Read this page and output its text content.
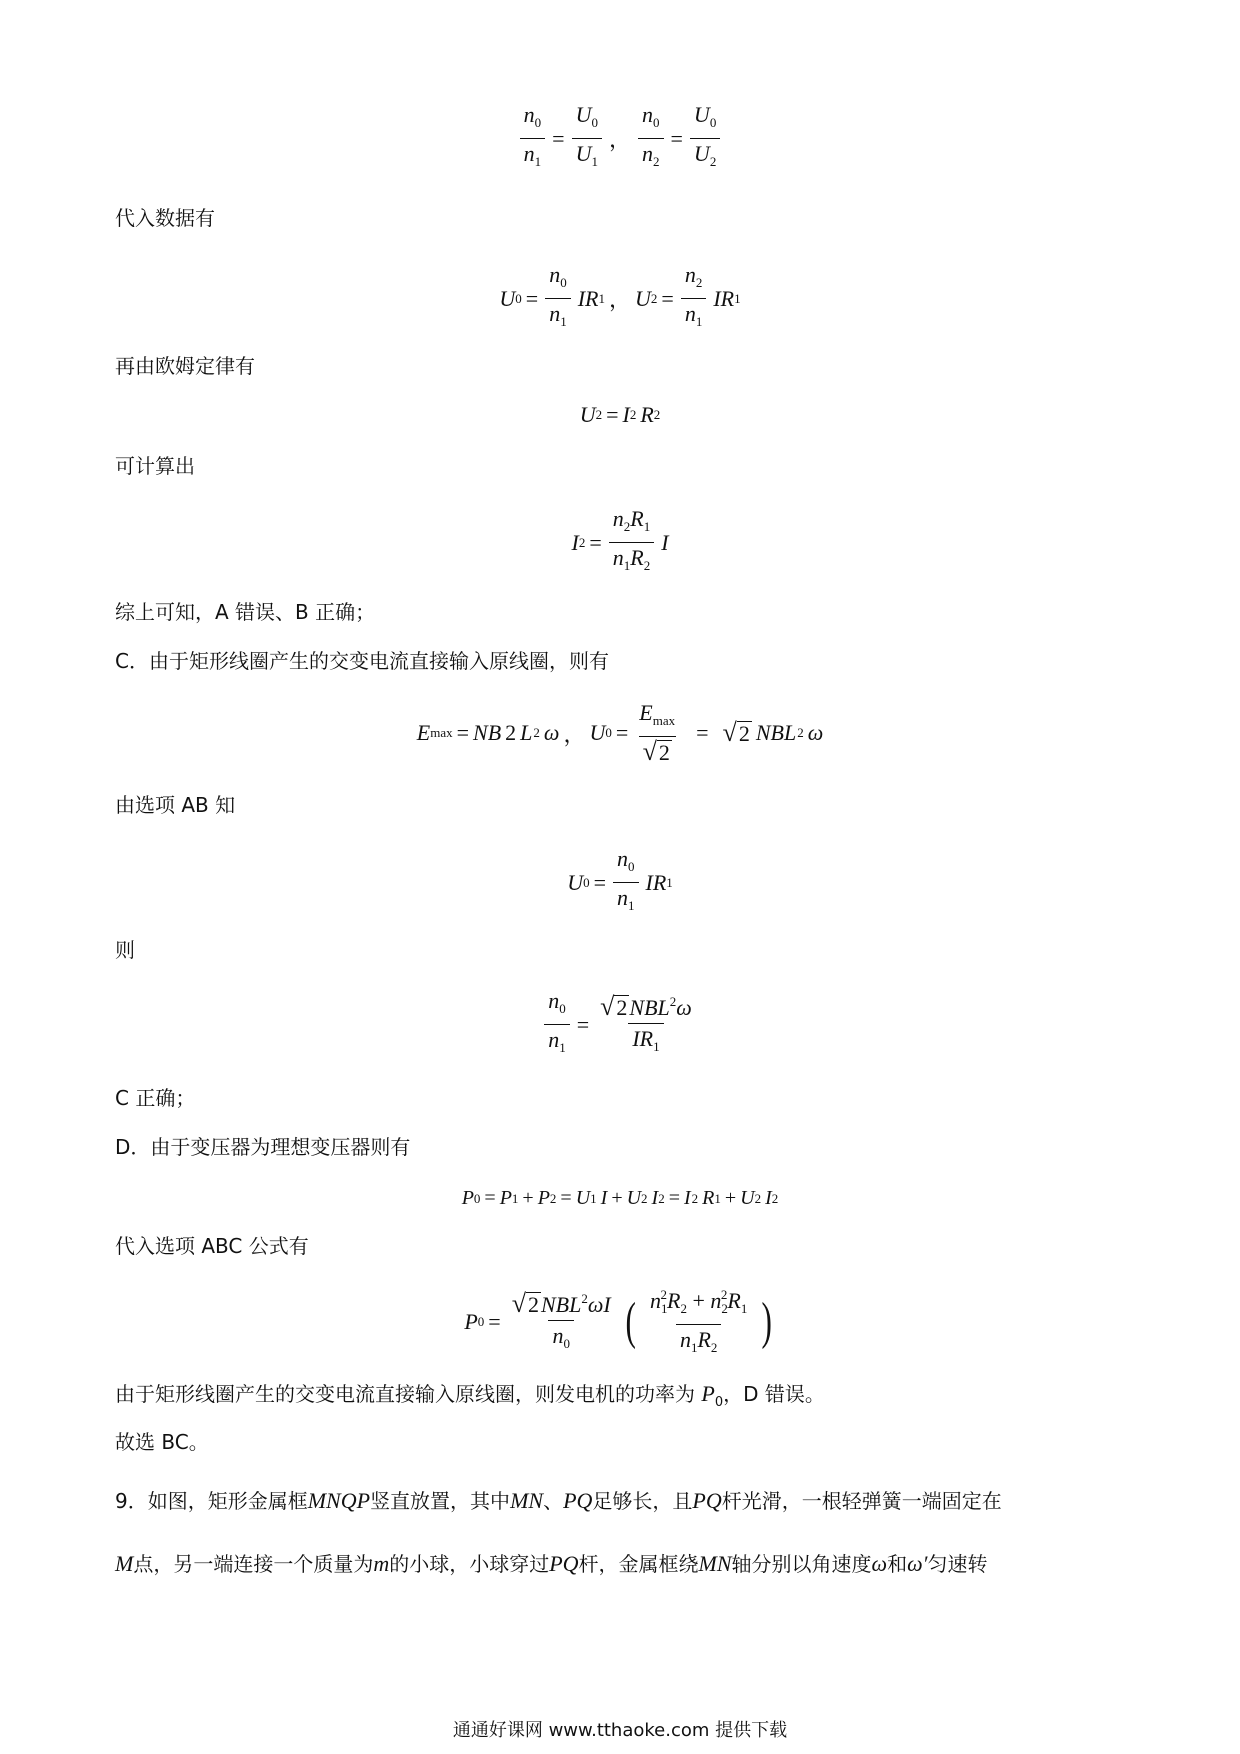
$\frac{n_0}{n_1} = \frac{U_0}{U_1}$ ， $\frac{n_0}{n_2} = \frac{U_0}{U_2}$
代入数据有
U $0 = \frac{n_0}{n_1}$ IR 1 ， U $2 = \frac{n_2}{n_1}$ IR 1
再由欧姆定律有
U 2 = I 2 R 2
可计算出
I $2 = \frac{n_2R_1}{n_1R_2}$ I
综上可知，A 错误、B 正确；
C．由于矩形线圈产生的交变电流直接输入原线圈，则有
E max = NB 2 L 2 ω ， U $0 = \frac{E_{max}}{√ 2}$ = √ 2 NBL 2 ω
由选项 AB 知
U $0 = \frac{n_0}{n_1}$ IR 1
则
$\frac{n_0}{n_1} = \frac{√ 2 NBL^2\omega}{IR_1}$
C 正确；
D．由于变压器为理想变压器则有
P 0 = P 1 + P 2 = U 1 I + U 2 I 2 = I 2 R 1 + U 2 I 2
代入选项 ABC 公式有
P $0 = \frac{√ 2 NBL^2\omega I}{n_0}$ ( $\frac{n_1^2R_2 + n_2^2R_1}{n_1R_2}$ )
由于矩形线圈产生的交变电流直接输入原线圈，则发电机的功率为 $P_0$，D 错误。
故选 BC。
9．如图，矩形金属框MNQP竖直放置，其中MN、PQ足够长，且PQ杆光滑，一根轻弹簧一端固定在
M点，另一端连接一个质量为m的小球，小球穿过PQ杆，金属框绕MN轴分别以角速度ω和ω′匀速转
通通好课网 www.tthaoke.com 提供下载
